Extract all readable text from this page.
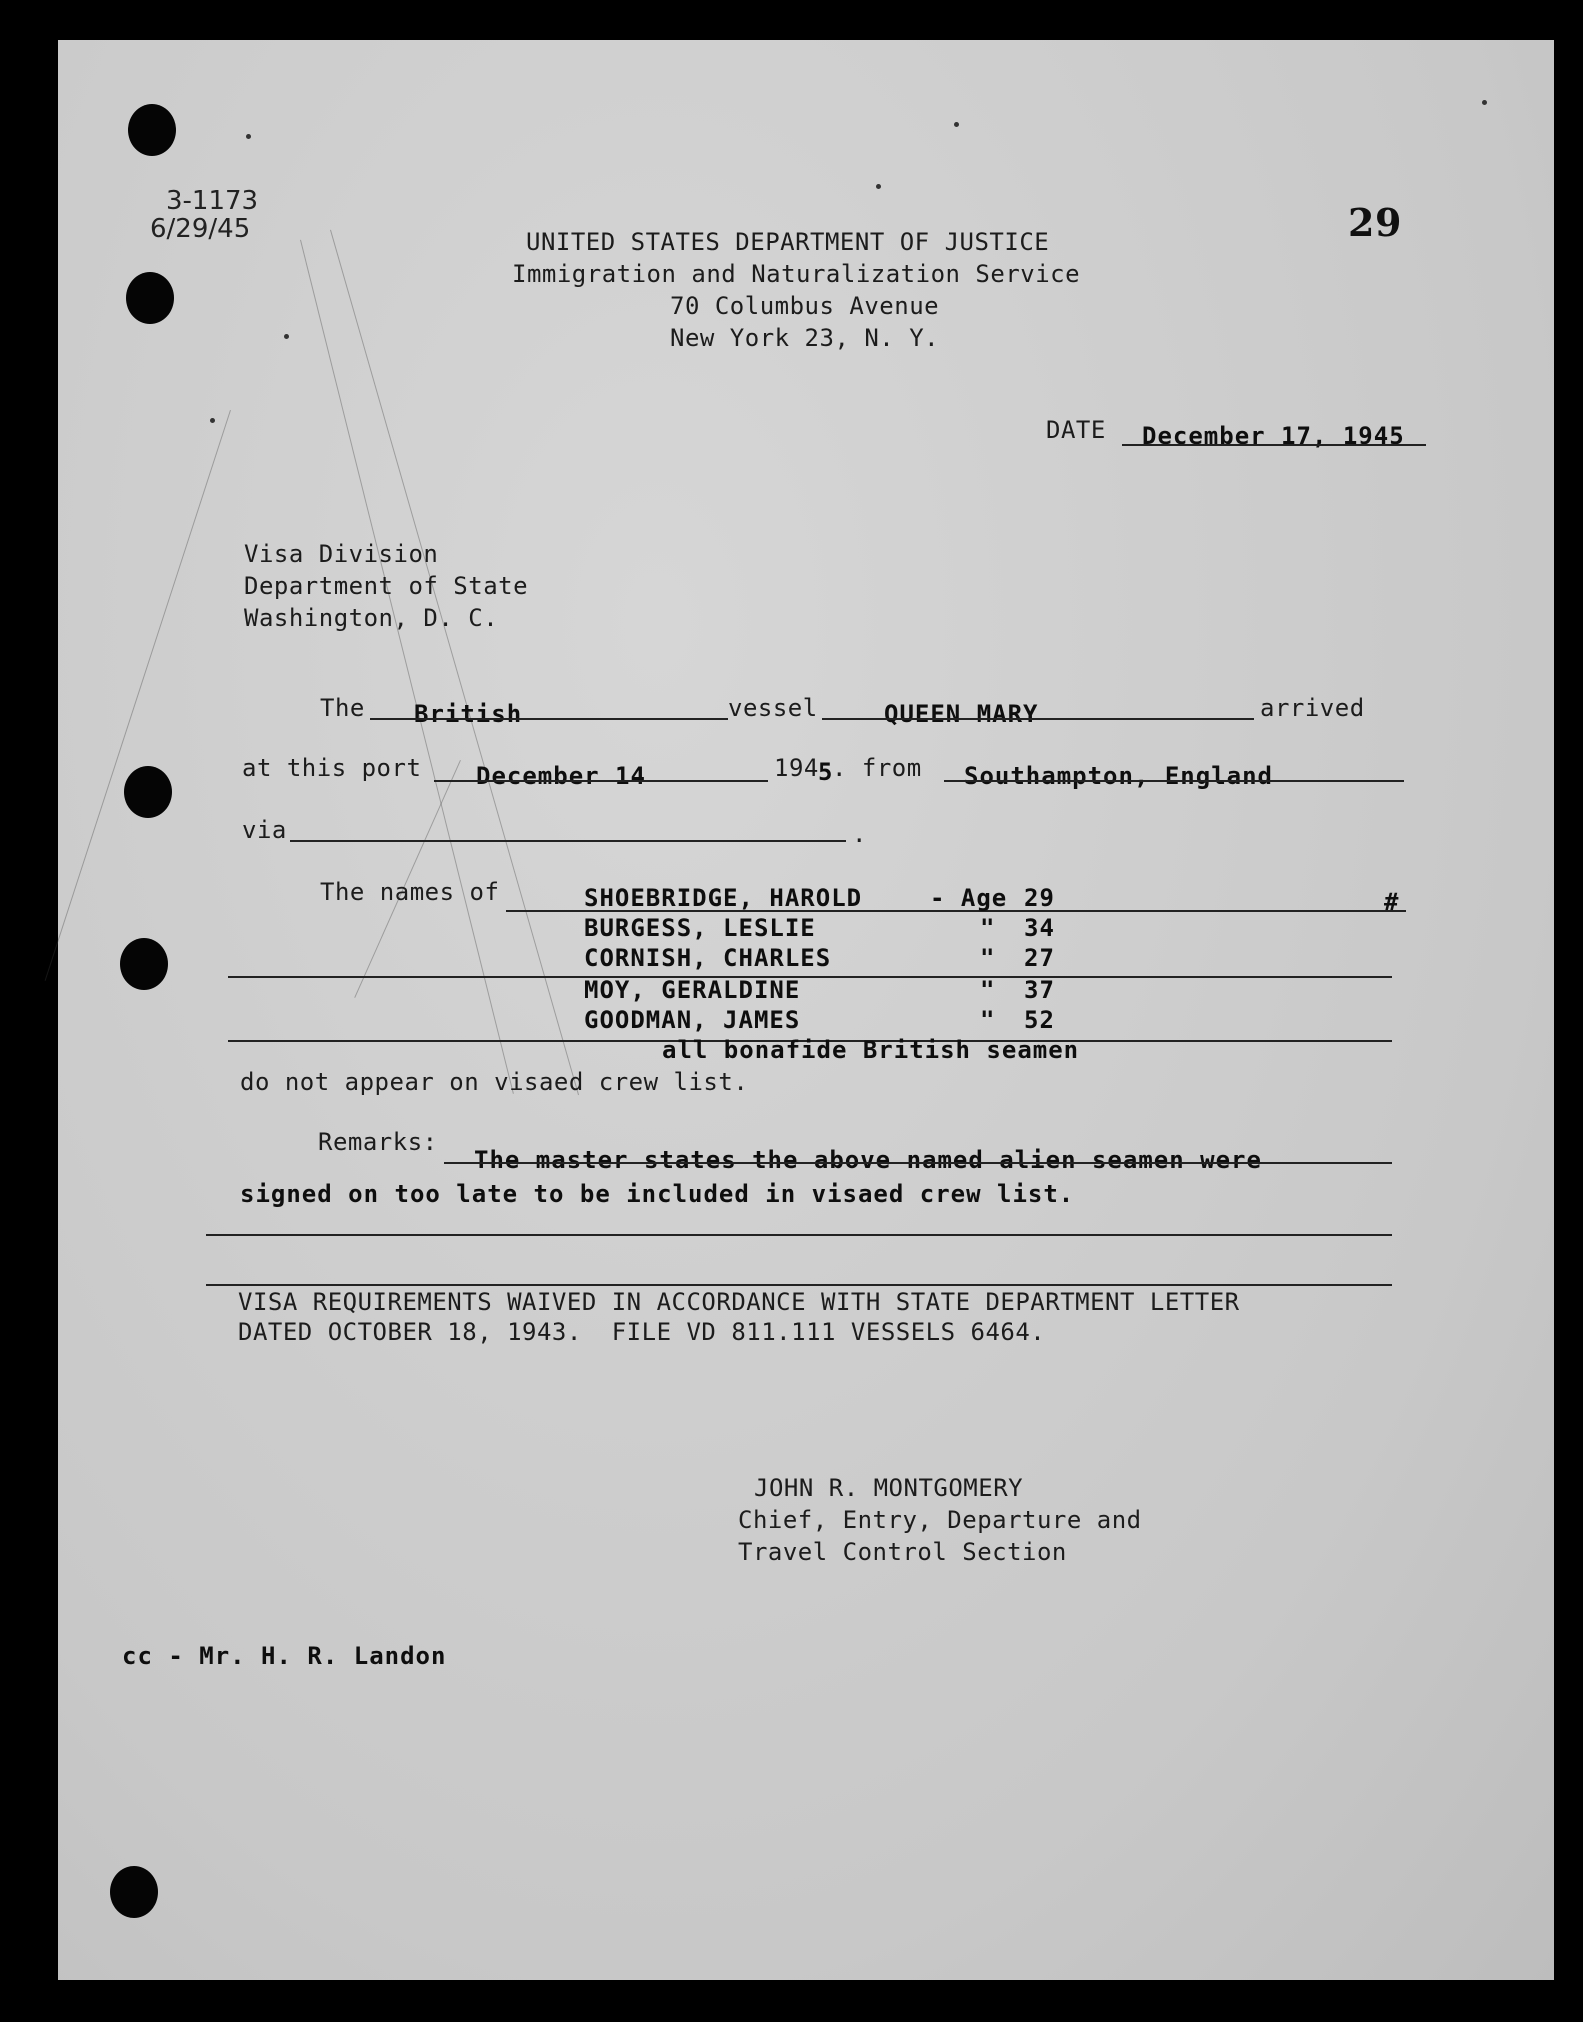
3-1173
6/29/45	29
UNITED STATES DEPARTMENT OF JUSTICE
Immigration and Naturalization Service
70 Columbus Avenue
New York 23, N. Y.
DATE December 17, 1945
Visa Division
Department of State
Washington, D. C.
The British	vessel	QUEEN MARY	arrived
at this port December 14	194 5
. from Southampton, England
via	.
The names of	#
SHOEBRIDGE, HAROLD	- Age 29
BURGESS, LESLIE	" 34
CORNISH, CHARLES	" 27
MOY, GERALDINE	" 37
GOODMAN, JAMES	" 52
all bonafide British seamen
do not appear on visaed crew list.
Remarks:
The master states the above named alien seamen were
signed on too late to be included in visaed crew list.
VISA REQUIREMENTS WAIVED IN ACCORDANCE WITH STATE DEPARTMENT LETTER
DATED OCTOBER 18, 1943.  FILE VD 811.111 VESSELS 6464.
JOHN R. MONTGOMERY
Chief, Entry, Departure and
Travel Control Section
cc - Mr. H. R. Landon
